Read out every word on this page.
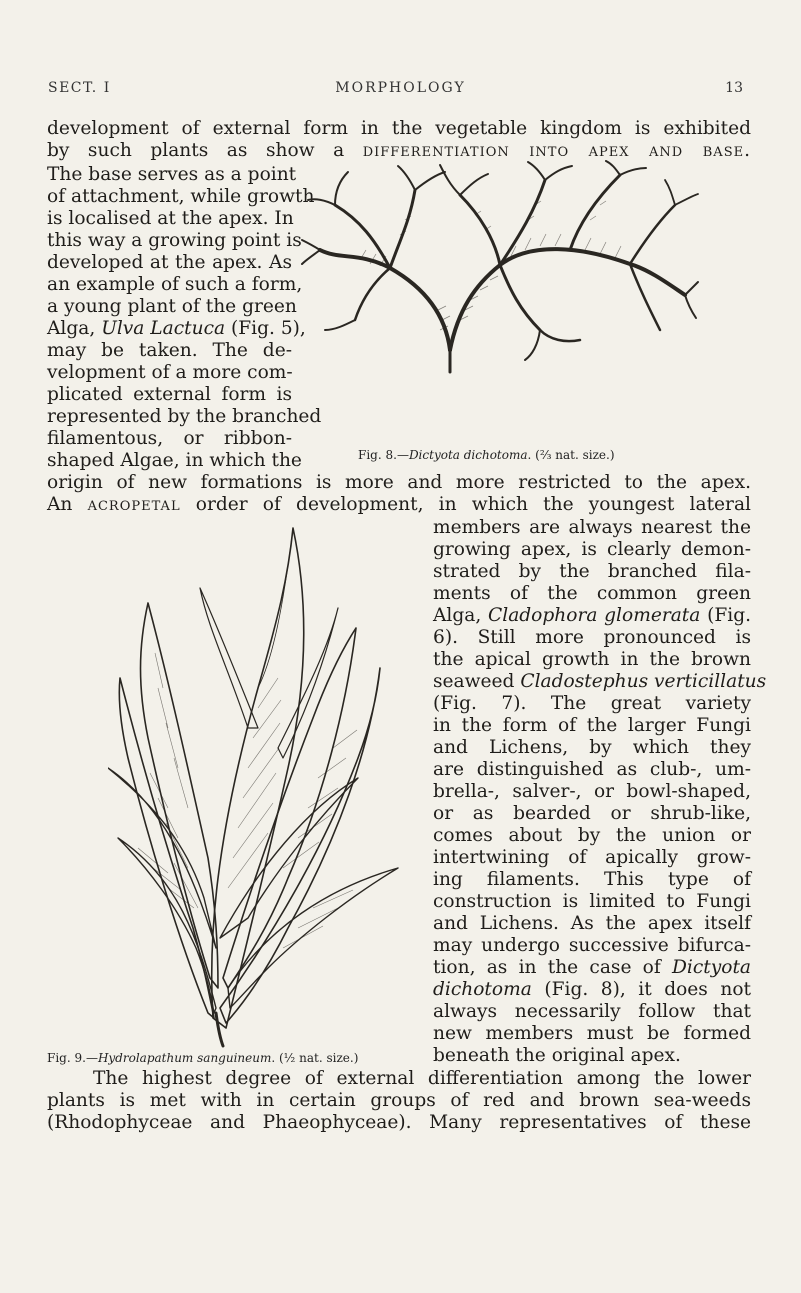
SECT. I	MORPHOLOGY	13
development of external form in the vegetable kingdom is exhibited
by such plants as show a differentiation into apex and base.
The base serves as a point
of attachment, while growth
is localised at the apex. In
this way a growing point is
developed at the apex. As
an example of such a form,
a young plant of the green
Alga, Ulva Lactuca (Fig. 5),
may be taken. The de-
velopment of a more com-
plicated external form is
represented by the branched
filamentous, or ribbon-
shaped Algae, in which the	Fig. 8.—Dictyota dichotoma. (⅔ nat. size.)
origin of new formations is more and more restricted to the apex.
An acropetal order of development, in which the youngest lateral
Fig. 9.—Hydrolapathum sanguineum. (½ nat. size.)
members are always nearest the
growing apex, is clearly demon-
strated by the branched fila-
ments of the common green
Alga, Cladophora glomerata (Fig.
6). Still more pronounced is
the apical growth in the brown
seaweed Cladostephus verticillatus
(Fig. 7). The great variety
in the form of the larger Fungi
and Lichens, by which they
are distinguished as club-, um-
brella-, salver-, or bowl-shaped,
or as bearded or shrub-like,
comes about by the union or
intertwining of apically grow-
ing filaments. This type of
construction is limited to Fungi
and Lichens. As the apex itself
may undergo successive bifurca-
tion, as in the case of Dictyota
dichotoma (Fig. 8), it does not
always necessarily follow that
new members must be formed
beneath the original apex.
The highest degree of external differentiation among the lower
plants is met with in certain groups of red and brown sea-weeds
(Rhodophyceae and Phaeophyceae). Many representatives of these
